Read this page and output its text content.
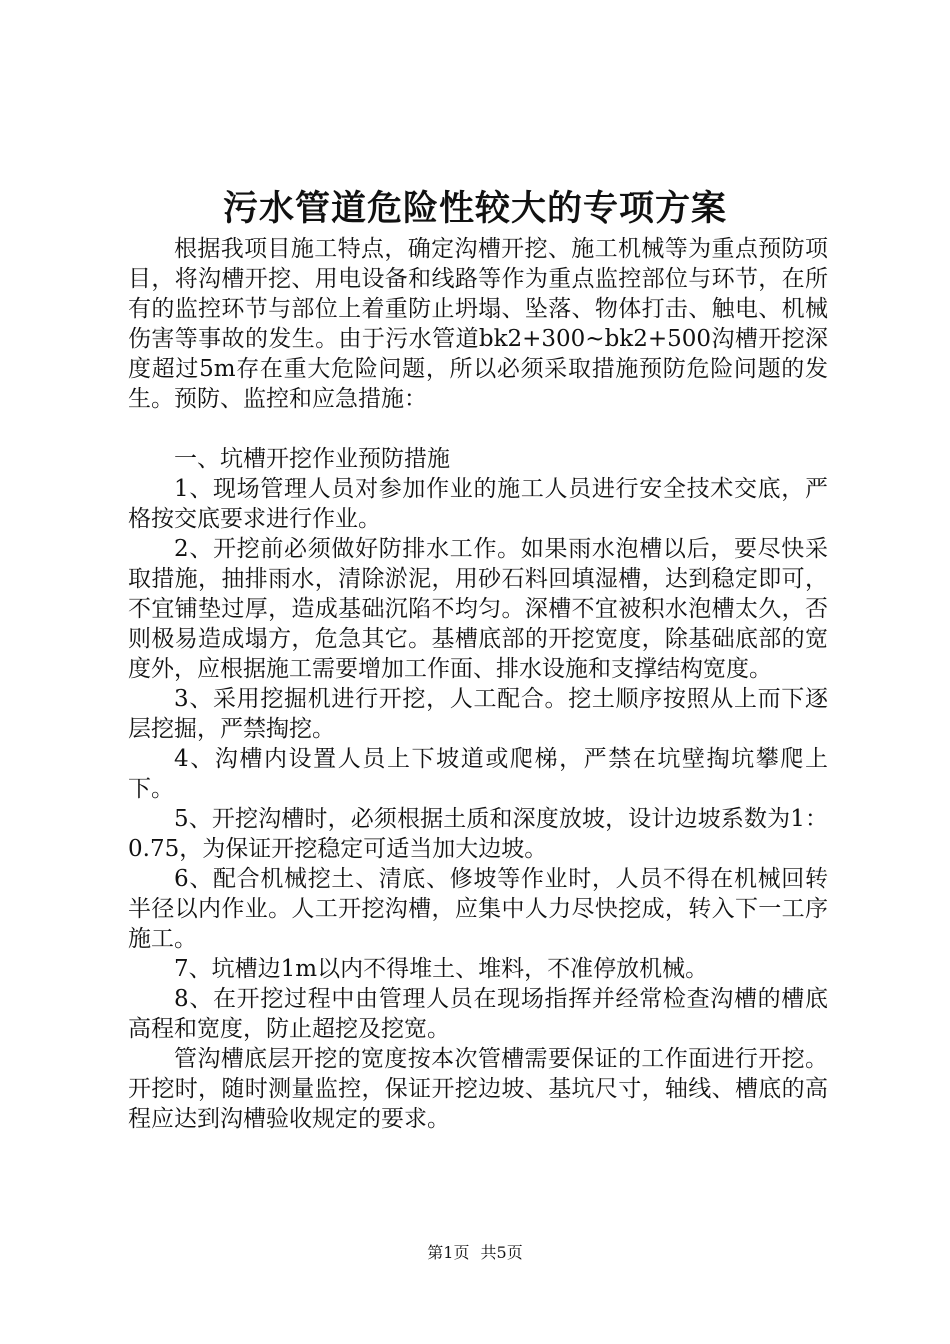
污水管道危险性较大的专项方案

根据我项目施工特点，确定沟槽开挖、施工机械等为重点预防项目，将沟槽开挖、用电设备和线路等作为重点监控部位与环节，在所有的监控环节与部位上着重防止坍塌、坠落、物体打击、触电、机械伤害等事故的发生。由于污水管道bk2+300~bk2+500沟槽开挖深度超过5m存在重大危险问题，所以必须采取措施预防危险问题的发生。预防、监控和应急措施：

一、坑槽开挖作业预防措施

1、现场管理人员对参加作业的施工人员进行安全技术交底，严格按交底要求进行作业。

2、开挖前必须做好防排水工作。如果雨水泡槽以后，要尽快采取措施，抽排雨水，清除淤泥，用砂石料回填湿槽，达到稳定即可，不宜铺垫过厚，造成基础沉陷不均匀。深槽不宜被积水泡槽太久，否则极易造成塌方，危急其它。基槽底部的开挖宽度，除基础底部的宽度外，应根据施工需要增加工作面、排水设施和支撑结构宽度。

3、采用挖掘机进行开挖，人工配合。挖土顺序按照从上而下逐层挖掘，严禁掏挖。

4、沟槽内设置人员上下坡道或爬梯，严禁在坑壁掏坑攀爬上下。

5、开挖沟槽时，必须根据土质和深度放坡，设计边坡系数为1：0.75，为保证开挖稳定可适当加大边坡。

6、配合机械挖土、清底、修坡等作业时，人员不得在机械回转半径以内作业。人工开挖沟槽，应集中人力尽快挖成，转入下一工序施工。

7、坑槽边1m以内不得堆土、堆料，不准停放机械。

8、在开挖过程中由管理人员在现场指挥并经常检查沟槽的槽底高程和宽度，防止超挖及挖宽。

管沟槽底层开挖的宽度按本次管槽需要保证的工作面进行开挖。开挖时，随时测量监控，保证开挖边坡、基坑尺寸，轴线、槽底的高程应达到沟槽验收规定的要求。

第1页 共5页
